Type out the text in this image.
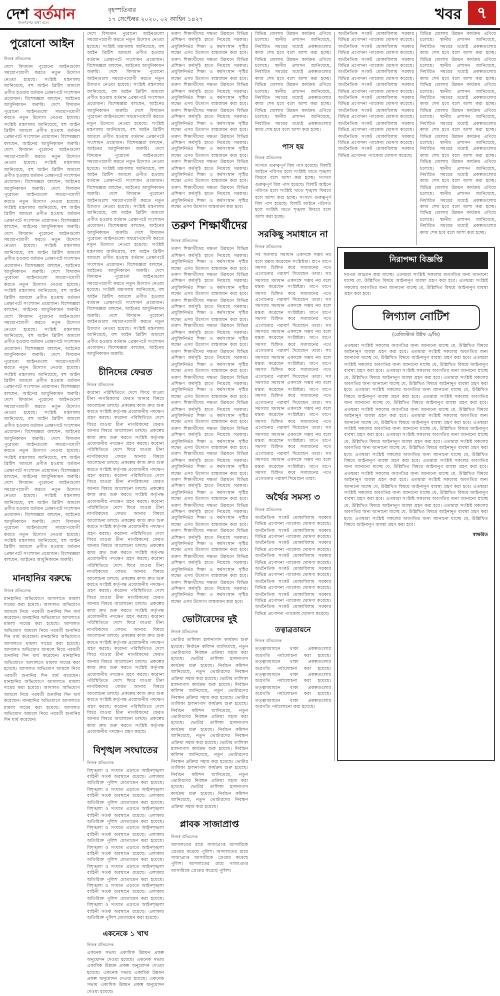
দেশ বর্তমান
জনগণের কথা বলে
বৃহস্পতিবার
১৭ সেপ্টেম্বর ২০২০, ০২ আশ্বিন ১৪২৭	খবর ৭
পুরোনো আইন
নিজস্ব প্রতিবেদক
দেশে বিদ্যমান পুরোনো আইনগুলো সময়োপযোগী করতে নতুন উদ্যোগ নেওয়া হয়েছে। সংশ্লিষ্ট মন্ত্রণালয় জানিয়েছে, বহু আইন ব্রিটিশ আমলে প্রণীত হওয়ায় বর্তমান প্রেক্ষাপটে সংশোধন প্রয়োজন। বিশেষজ্ঞরা বলছেন, আইনের আধুনিকায়ন জরুরি। দেশে বিদ্যমান পুরোনো আইনগুলো সময়োপযোগী করতে নতুন উদ্যোগ নেওয়া হয়েছে। সংশ্লিষ্ট মন্ত্রণালয় জানিয়েছে, বহু আইন ব্রিটিশ আমলে প্রণীত হওয়ায় বর্তমান প্রেক্ষাপটে সংশোধন প্রয়োজন। বিশেষজ্ঞরা বলছেন, আইনের আধুনিকায়ন জরুরি। দেশে বিদ্যমান পুরোনো আইনগুলো সময়োপযোগী করতে নতুন উদ্যোগ নেওয়া হয়েছে। সংশ্লিষ্ট মন্ত্রণালয় জানিয়েছে, বহু আইন ব্রিটিশ আমলে প্রণীত হওয়ায় বর্তমান প্রেক্ষাপটে সংশোধন প্রয়োজন। বিশেষজ্ঞরা বলছেন, আইনের আধুনিকায়ন জরুরি। দেশে বিদ্যমান পুরোনো আইনগুলো সময়োপযোগী করতে নতুন উদ্যোগ নেওয়া হয়েছে। সংশ্লিষ্ট মন্ত্রণালয় জানিয়েছে, বহু আইন ব্রিটিশ আমলে প্রণীত হওয়ায় বর্তমান প্রেক্ষাপটে সংশোধন প্রয়োজন। বিশেষজ্ঞরা বলছেন, আইনের আধুনিকায়ন জরুরি। দেশে বিদ্যমান পুরোনো আইনগুলো সময়োপযোগী করতে নতুন উদ্যোগ নেওয়া হয়েছে। সংশ্লিষ্ট মন্ত্রণালয় জানিয়েছে, বহু আইন ব্রিটিশ আমলে প্রণীত হওয়ায় বর্তমান প্রেক্ষাপটে সংশোধন প্রয়োজন। বিশেষজ্ঞরা বলছেন, আইনের আধুনিকায়ন জরুরি। দেশে বিদ্যমান পুরোনো আইনগুলো সময়োপযোগী করতে নতুন উদ্যোগ নেওয়া হয়েছে। সংশ্লিষ্ট মন্ত্রণালয় জানিয়েছে, বহু আইন ব্রিটিশ আমলে প্রণীত হওয়ায় বর্তমান প্রেক্ষাপটে সংশোধন প্রয়োজন। বিশেষজ্ঞরা বলছেন, আইনের আধুনিকায়ন জরুরি। দেশে বিদ্যমান পুরোনো আইনগুলো সময়োপযোগী করতে নতুন উদ্যোগ নেওয়া হয়েছে। সংশ্লিষ্ট মন্ত্রণালয় জানিয়েছে, বহু আইন ব্রিটিশ আমলে প্রণীত হওয়ায় বর্তমান প্রেক্ষাপটে সংশোধন প্রয়োজন। বিশেষজ্ঞরা বলছেন, আইনের আধুনিকায়ন জরুরি। দেশে বিদ্যমান পুরোনো আইনগুলো সময়োপযোগী করতে নতুন উদ্যোগ নেওয়া হয়েছে। সংশ্লিষ্ট মন্ত্রণালয় জানিয়েছে, বহু আইন ব্রিটিশ আমলে প্রণীত হওয়ায় বর্তমান প্রেক্ষাপটে সংশোধন প্রয়োজন। বিশেষজ্ঞরা বলছেন, আইনের আধুনিকায়ন জরুরি। দেশে বিদ্যমান পুরোনো আইনগুলো সময়োপযোগী করতে নতুন উদ্যোগ নেওয়া হয়েছে। সংশ্লিষ্ট মন্ত্রণালয় জানিয়েছে, বহু আইন ব্রিটিশ আমলে প্রণীত হওয়ায় বর্তমান প্রেক্ষাপটে সংশোধন প্রয়োজন। বিশেষজ্ঞরা বলছেন, আইনের আধুনিকায়ন জরুরি। দেশে বিদ্যমান পুরোনো আইনগুলো সময়োপযোগী করতে নতুন উদ্যোগ নেওয়া হয়েছে। সংশ্লিষ্ট মন্ত্রণালয় জানিয়েছে, বহু আইন ব্রিটিশ আমলে প্রণীত হওয়ায় বর্তমান প্রেক্ষাপটে সংশোধন প্রয়োজন। বিশেষজ্ঞরা বলছেন, আইনের আধুনিকায়ন জরুরি। দেশে বিদ্যমান পুরোনো আইনগুলো সময়োপযোগী করতে নতুন উদ্যোগ নেওয়া হয়েছে। সংশ্লিষ্ট মন্ত্রণালয় জানিয়েছে, বহু আইন ব্রিটিশ আমলে প্রণীত হওয়ায় বর্তমান প্রেক্ষাপটে সংশোধন প্রয়োজন। বিশেষজ্ঞরা বলছেন, আইনের আধুনিকায়ন জরুরি। দেশে বিদ্যমান পুরোনো আইনগুলো সময়োপযোগী করতে নতুন উদ্যোগ নেওয়া হয়েছে। সংশ্লিষ্ট মন্ত্রণালয় জানিয়েছে, বহু আইন ব্রিটিশ আমলে প্রণীত হওয়ায় বর্তমান প্রেক্ষাপটে সংশোধন প্রয়োজন। বিশেষজ্ঞরা বলছেন, আইনের আধুনিকায়ন জরুরি।
মানহানির বরুদ্ধে
নিজস্ব প্রতিবেদক
মানহানির অভিযোগে আদালতে মামলা দায়ের করা হয়েছে। আদালত অভিযোগ আমলে নিয়ে পরবর্তী শুনানির দিন ধার্য করেছেন। মানহানির অভিযোগে আদালতে মামলা দায়ের করা হয়েছে। আদালত অভিযোগ আমলে নিয়ে পরবর্তী শুনানির দিন ধার্য করেছেন। মানহানির অভিযোগে আদালতে মামলা দায়ের করা হয়েছে। আদালত অভিযোগ আমলে নিয়ে পরবর্তী শুনানির দিন ধার্য করেছেন। মানহানির অভিযোগে আদালতে মামলা দায়ের করা হয়েছে। আদালত অভিযোগ আমলে নিয়ে পরবর্তী শুনানির দিন ধার্য করেছেন। মানহানির অভিযোগে আদালতে মামলা দায়ের করা হয়েছে। আদালত অভিযোগ আমলে নিয়ে পরবর্তী শুনানির দিন ধার্য করেছেন। মানহানির অভিযোগে আদালতে মামলা দায়ের করা হয়েছে। আদালত অভিযোগ আমলে নিয়ে পরবর্তী শুনানির দিন ধার্য করেছেন।
দেশে বিদ্যমান পুরোনো আইনগুলো সময়োপযোগী করতে নতুন উদ্যোগ নেওয়া হয়েছে। সংশ্লিষ্ট মন্ত্রণালয় জানিয়েছে, বহু আইন ব্রিটিশ আমলে প্রণীত হওয়ায় বর্তমান প্রেক্ষাপটে সংশোধন প্রয়োজন। বিশেষজ্ঞরা বলছেন, আইনের আধুনিকায়ন জরুরি। দেশে বিদ্যমান পুরোনো আইনগুলো সময়োপযোগী করতে নতুন উদ্যোগ নেওয়া হয়েছে। সংশ্লিষ্ট মন্ত্রণালয় জানিয়েছে, বহু আইন ব্রিটিশ আমলে প্রণীত হওয়ায় বর্তমান প্রেক্ষাপটে সংশোধন প্রয়োজন। বিশেষজ্ঞরা বলছেন, আইনের আধুনিকায়ন জরুরি। দেশে বিদ্যমান পুরোনো আইনগুলো সময়োপযোগী করতে নতুন উদ্যোগ নেওয়া হয়েছে। সংশ্লিষ্ট মন্ত্রণালয় জানিয়েছে, বহু আইন ব্রিটিশ আমলে প্রণীত হওয়ায় বর্তমান প্রেক্ষাপটে সংশোধন প্রয়োজন। বিশেষজ্ঞরা বলছেন, আইনের আধুনিকায়ন জরুরি। দেশে বিদ্যমান পুরোনো আইনগুলো সময়োপযোগী করতে নতুন উদ্যোগ নেওয়া হয়েছে। সংশ্লিষ্ট মন্ত্রণালয় জানিয়েছে, বহু আইন ব্রিটিশ আমলে প্রণীত হওয়ায় বর্তমান প্রেক্ষাপটে সংশোধন প্রয়োজন। বিশেষজ্ঞরা বলছেন, আইনের আধুনিকায়ন জরুরি। দেশে বিদ্যমান পুরোনো আইনগুলো সময়োপযোগী করতে নতুন উদ্যোগ নেওয়া হয়েছে। সংশ্লিষ্ট মন্ত্রণালয় জানিয়েছে, বহু আইন ব্রিটিশ আমলে প্রণীত হওয়ায় বর্তমান প্রেক্ষাপটে সংশোধন প্রয়োজন। বিশেষজ্ঞরা বলছেন, আইনের আধুনিকায়ন জরুরি। দেশে বিদ্যমান পুরোনো আইনগুলো সময়োপযোগী করতে নতুন উদ্যোগ নেওয়া হয়েছে। সংশ্লিষ্ট মন্ত্রণালয় জানিয়েছে, বহু আইন ব্রিটিশ আমলে প্রণীত হওয়ায় বর্তমান প্রেক্ষাপটে সংশোধন প্রয়োজন। বিশেষজ্ঞরা বলছেন, আইনের আধুনিকায়ন জরুরি। দেশে বিদ্যমান পুরোনো আইনগুলো সময়োপযোগী করতে নতুন উদ্যোগ নেওয়া হয়েছে। সংশ্লিষ্ট মন্ত্রণালয় জানিয়েছে, বহু আইন ব্রিটিশ আমলে প্রণীত হওয়ায় বর্তমান প্রেক্ষাপটে সংশোধন প্রয়োজন। বিশেষজ্ঞরা বলছেন, আইনের আধুনিকায়ন জরুরি। দেশে বিদ্যমান পুরোনো আইনগুলো সময়োপযোগী করতে নতুন উদ্যোগ নেওয়া হয়েছে। সংশ্লিষ্ট মন্ত্রণালয় জানিয়েছে, বহু আইন ব্রিটিশ আমলে প্রণীত হওয়ায় বর্তমান প্রেক্ষাপটে সংশোধন প্রয়োজন। বিশেষজ্ঞরা বলছেন, আইনের আধুনিকায়ন জরুরি।
চীনিদের ফেরত
নিজস্ব প্রতিবেদক
করোনা পরিস্থিতিতে দেশে ফিরে যাওয়া চীনা নাগরিকদের ফেরত আনার বিষয়ে আলোচনা চলছে। প্রকল্পের কাজ দ্রুত শুরু করতে সংশ্লিষ্ট কর্তৃপক্ষ প্রয়োজনীয় পদক্ষেপ গ্রহণ করছে। করোনা পরিস্থিতিতে দেশে ফিরে যাওয়া চীনা নাগরিকদের ফেরত আনার বিষয়ে আলোচনা চলছে। প্রকল্পের কাজ দ্রুত শুরু করতে সংশ্লিষ্ট কর্তৃপক্ষ প্রয়োজনীয় পদক্ষেপ গ্রহণ করছে। করোনা পরিস্থিতিতে দেশে ফিরে যাওয়া চীনা নাগরিকদের ফেরত আনার বিষয়ে আলোচনা চলছে। প্রকল্পের কাজ দ্রুত শুরু করতে সংশ্লিষ্ট কর্তৃপক্ষ প্রয়োজনীয় পদক্ষেপ গ্রহণ করছে। করোনা পরিস্থিতিতে দেশে ফিরে যাওয়া চীনা নাগরিকদের ফেরত আনার বিষয়ে আলোচনা চলছে। প্রকল্পের কাজ দ্রুত শুরু করতে সংশ্লিষ্ট কর্তৃপক্ষ প্রয়োজনীয় পদক্ষেপ গ্রহণ করছে। করোনা পরিস্থিতিতে দেশে ফিরে যাওয়া চীনা নাগরিকদের ফেরত আনার বিষয়ে আলোচনা চলছে। প্রকল্পের কাজ দ্রুত শুরু করতে সংশ্লিষ্ট কর্তৃপক্ষ প্রয়োজনীয় পদক্ষেপ গ্রহণ করছে। করোনা পরিস্থিতিতে দেশে ফিরে যাওয়া চীনা নাগরিকদের ফেরত আনার বিষয়ে আলোচনা চলছে। প্রকল্পের কাজ দ্রুত শুরু করতে সংশ্লিষ্ট কর্তৃপক্ষ প্রয়োজনীয় পদক্ষেপ গ্রহণ করছে। করোনা পরিস্থিতিতে দেশে ফিরে যাওয়া চীনা নাগরিকদের ফেরত আনার বিষয়ে আলোচনা চলছে। প্রকল্পের কাজ দ্রুত শুরু করতে সংশ্লিষ্ট কর্তৃপক্ষ প্রয়োজনীয় পদক্ষেপ গ্রহণ করছে। করোনা পরিস্থিতিতে দেশে ফিরে যাওয়া চীনা নাগরিকদের ফেরত আনার বিষয়ে আলোচনা চলছে। প্রকল্পের কাজ দ্রুত শুরু করতে সংশ্লিষ্ট কর্তৃপক্ষ প্রয়োজনীয় পদক্ষেপ গ্রহণ করছে। করোনা পরিস্থিতিতে দেশে ফিরে যাওয়া চীনা নাগরিকদের ফেরত আনার বিষয়ে আলোচনা চলছে। প্রকল্পের কাজ দ্রুত শুরু করতে সংশ্লিষ্ট কর্তৃপক্ষ প্রয়োজনীয় পদক্ষেপ গ্রহণ করছে। করোনা পরিস্থিতিতে দেশে ফিরে যাওয়া চীনা নাগরিকদের ফেরত আনার বিষয়ে আলোচনা চলছে। প্রকল্পের কাজ দ্রুত শুরু করতে সংশ্লিষ্ট কর্তৃপক্ষ প্রয়োজনীয় পদক্ষেপ গ্রহণ করছে। করোনা পরিস্থিতিতে দেশে ফিরে যাওয়া চীনা নাগরিকদের ফেরত আনার বিষয়ে আলোচনা চলছে। প্রকল্পের কাজ দ্রুত শুরু করতে সংশ্লিষ্ট কর্তৃপক্ষ প্রয়োজনীয় পদক্ষেপ গ্রহণ করছে। করোনা পরিস্থিতিতে দেশে ফিরে যাওয়া চীনা নাগরিকদের ফেরত আনার বিষয়ে আলোচনা চলছে। প্রকল্পের কাজ দ্রুত শুরু করতে সংশ্লিষ্ট কর্তৃপক্ষ প্রয়োজনীয় পদক্ষেপ গ্রহণ করছে।
বিশৃঙ্খল সংঘাতের
নিজস্ব প্রতিবেদক
বিশৃঙ্খলা ও সংঘাত এড়াতে আইনশৃঙ্খলা বাহিনী সতর্ক অবস্থানে রয়েছে। এলাকায় অতিরিক্ত পুলিশ মোতায়েন করা হয়েছে। বিশৃঙ্খলা ও সংঘাত এড়াতে আইনশৃঙ্খলা বাহিনী সতর্ক অবস্থানে রয়েছে। এলাকায় অতিরিক্ত পুলিশ মোতায়েন করা হয়েছে। বিশৃঙ্খলা ও সংঘাত এড়াতে আইনশৃঙ্খলা বাহিনী সতর্ক অবস্থানে রয়েছে। এলাকায় অতিরিক্ত পুলিশ মোতায়েন করা হয়েছে। বিশৃঙ্খলা ও সংঘাত এড়াতে আইনশৃঙ্খলা বাহিনী সতর্ক অবস্থানে রয়েছে। এলাকায় অতিরিক্ত পুলিশ মোতায়েন করা হয়েছে। বিশৃঙ্খলা ও সংঘাত এড়াতে আইনশৃঙ্খলা বাহিনী সতর্ক অবস্থানে রয়েছে। এলাকায় অতিরিক্ত পুলিশ মোতায়েন করা হয়েছে। বিশৃঙ্খলা ও সংঘাত এড়াতে আইনশৃঙ্খলা বাহিনী সতর্ক অবস্থানে রয়েছে। এলাকায় অতিরিক্ত পুলিশ মোতায়েন করা হয়েছে। বিশৃঙ্খলা ও সংঘাত এড়াতে আইনশৃঙ্খলা বাহিনী সতর্ক অবস্থানে রয়েছে। এলাকায় অতিরিক্ত পুলিশ মোতায়েন করা হয়েছে। বিশৃঙ্খলা ও সংঘাত এড়াতে আইনশৃঙ্খলা বাহিনী সতর্ক অবস্থানে রয়েছে। এলাকায় অতিরিক্ত পুলিশ মোতায়েন করা হয়েছে।
একনেকে ১ খাখ
নিজস্ব প্রতিবেদক
একনেক সভায় একাধিক উন্নয়ন প্রকল্প অনুমোদন দেওয়া হয়েছে। একনেক সভায় একাধিক উন্নয়ন প্রকল্প অনুমোদন দেওয়া হয়েছে। একনেক সভায় একাধিক উন্নয়ন প্রকল্প অনুমোদন দেওয়া হয়েছে। একনেক সভায় একাধিক উন্নয়ন প্রকল্প অনুমোদন দেওয়া হয়েছে।
তরুণ শিক্ষার্থীদের দক্ষতা উন্নয়নে বিভিন্ন প্রশিক্ষণ কর্মসূচি হাতে নিয়েছে সরকার। প্রযুক্তিনির্ভর শিক্ষা ও কর্মসংস্থান সৃষ্টির লক্ষ্যে এসব উদ্যোগ বাস্তবায়ন করা হবে। তরুণ শিক্ষার্থীদের দক্ষতা উন্নয়নে বিভিন্ন প্রশিক্ষণ কর্মসূচি হাতে নিয়েছে সরকার। প্রযুক্তিনির্ভর শিক্ষা ও কর্মসংস্থান সৃষ্টির লক্ষ্যে এসব উদ্যোগ বাস্তবায়ন করা হবে। তরুণ শিক্ষার্থীদের দক্ষতা উন্নয়নে বিভিন্ন প্রশিক্ষণ কর্মসূচি হাতে নিয়েছে সরকার। প্রযুক্তিনির্ভর শিক্ষা ও কর্মসংস্থান সৃষ্টির লক্ষ্যে এসব উদ্যোগ বাস্তবায়ন করা হবে। তরুণ শিক্ষার্থীদের দক্ষতা উন্নয়নে বিভিন্ন প্রশিক্ষণ কর্মসূচি হাতে নিয়েছে সরকার। প্রযুক্তিনির্ভর শিক্ষা ও কর্মসংস্থান সৃষ্টির লক্ষ্যে এসব উদ্যোগ বাস্তবায়ন করা হবে। তরুণ শিক্ষার্থীদের দক্ষতা উন্নয়নে বিভিন্ন প্রশিক্ষণ কর্মসূচি হাতে নিয়েছে সরকার। প্রযুক্তিনির্ভর শিক্ষা ও কর্মসংস্থান সৃষ্টির লক্ষ্যে এসব উদ্যোগ বাস্তবায়ন করা হবে। তরুণ শিক্ষার্থীদের দক্ষতা উন্নয়নে বিভিন্ন প্রশিক্ষণ কর্মসূচি হাতে নিয়েছে সরকার। প্রযুক্তিনির্ভর শিক্ষা ও কর্মসংস্থান সৃষ্টির লক্ষ্যে এসব উদ্যোগ বাস্তবায়ন করা হবে। তরুণ শিক্ষার্থীদের দক্ষতা উন্নয়নে বিভিন্ন প্রশিক্ষণ কর্মসূচি হাতে নিয়েছে সরকার। প্রযুক্তিনির্ভর শিক্ষা ও কর্মসংস্থান সৃষ্টির লক্ষ্যে এসব উদ্যোগ বাস্তবায়ন করা হবে।
তরুণ শিক্ষার্থীদের
নিজস্ব প্রতিবেদক
তরুণ শিক্ষার্থীদের দক্ষতা উন্নয়নে বিভিন্ন প্রশিক্ষণ কর্মসূচি হাতে নিয়েছে সরকার। প্রযুক্তিনির্ভর শিক্ষা ও কর্মসংস্থান সৃষ্টির লক্ষ্যে এসব উদ্যোগ বাস্তবায়ন করা হবে। তরুণ শিক্ষার্থীদের দক্ষতা উন্নয়নে বিভিন্ন প্রশিক্ষণ কর্মসূচি হাতে নিয়েছে সরকার। প্রযুক্তিনির্ভর শিক্ষা ও কর্মসংস্থান সৃষ্টির লক্ষ্যে এসব উদ্যোগ বাস্তবায়ন করা হবে। তরুণ শিক্ষার্থীদের দক্ষতা উন্নয়নে বিভিন্ন প্রশিক্ষণ কর্মসূচি হাতে নিয়েছে সরকার। প্রযুক্তিনির্ভর শিক্ষা ও কর্মসংস্থান সৃষ্টির লক্ষ্যে এসব উদ্যোগ বাস্তবায়ন করা হবে। তরুণ শিক্ষার্থীদের দক্ষতা উন্নয়নে বিভিন্ন প্রশিক্ষণ কর্মসূচি হাতে নিয়েছে সরকার। প্রযুক্তিনির্ভর শিক্ষা ও কর্মসংস্থান সৃষ্টির লক্ষ্যে এসব উদ্যোগ বাস্তবায়ন করা হবে। তরুণ শিক্ষার্থীদের দক্ষতা উন্নয়নে বিভিন্ন প্রশিক্ষণ কর্মসূচি হাতে নিয়েছে সরকার। প্রযুক্তিনির্ভর শিক্ষা ও কর্মসংস্থান সৃষ্টির লক্ষ্যে এসব উদ্যোগ বাস্তবায়ন করা হবে। তরুণ শিক্ষার্থীদের দক্ষতা উন্নয়নে বিভিন্ন প্রশিক্ষণ কর্মসূচি হাতে নিয়েছে সরকার। প্রযুক্তিনির্ভর শিক্ষা ও কর্মসংস্থান সৃষ্টির লক্ষ্যে এসব উদ্যোগ বাস্তবায়ন করা হবে। তরুণ শিক্ষার্থীদের দক্ষতা উন্নয়নে বিভিন্ন প্রশিক্ষণ কর্মসূচি হাতে নিয়েছে সরকার। প্রযুক্তিনির্ভর শিক্ষা ও কর্মসংস্থান সৃষ্টির লক্ষ্যে এসব উদ্যোগ বাস্তবায়ন করা হবে। তরুণ শিক্ষার্থীদের দক্ষতা উন্নয়নে বিভিন্ন প্রশিক্ষণ কর্মসূচি হাতে নিয়েছে সরকার। প্রযুক্তিনির্ভর শিক্ষা ও কর্মসংস্থান সৃষ্টির লক্ষ্যে এসব উদ্যোগ বাস্তবায়ন করা হবে। তরুণ শিক্ষার্থীদের দক্ষতা উন্নয়নে বিভিন্ন প্রশিক্ষণ কর্মসূচি হাতে নিয়েছে সরকার। প্রযুক্তিনির্ভর শিক্ষা ও কর্মসংস্থান সৃষ্টির লক্ষ্যে এসব উদ্যোগ বাস্তবায়ন করা হবে। তরুণ শিক্ষার্থীদের দক্ষতা উন্নয়নে বিভিন্ন প্রশিক্ষণ কর্মসূচি হাতে নিয়েছে সরকার। প্রযুক্তিনির্ভর শিক্ষা ও কর্মসংস্থান সৃষ্টির লক্ষ্যে এসব উদ্যোগ বাস্তবায়ন করা হবে। তরুণ শিক্ষার্থীদের দক্ষতা উন্নয়নে বিভিন্ন প্রশিক্ষণ কর্মসূচি হাতে নিয়েছে সরকার। প্রযুক্তিনির্ভর শিক্ষা ও কর্মসংস্থান সৃষ্টির লক্ষ্যে এসব উদ্যোগ বাস্তবায়ন করা হবে। তরুণ শিক্ষার্থীদের দক্ষতা উন্নয়নে বিভিন্ন প্রশিক্ষণ কর্মসূচি হাতে নিয়েছে সরকার। প্রযুক্তিনির্ভর শিক্ষা ও কর্মসংস্থান সৃষ্টির লক্ষ্যে এসব উদ্যোগ বাস্তবায়ন করা হবে। তরুণ শিক্ষার্থীদের দক্ষতা উন্নয়নে বিভিন্ন প্রশিক্ষণ কর্মসূচি হাতে নিয়েছে সরকার। প্রযুক্তিনির্ভর শিক্ষা ও কর্মসংস্থান সৃষ্টির লক্ষ্যে এসব উদ্যোগ বাস্তবায়ন করা হবে। তরুণ শিক্ষার্থীদের দক্ষতা উন্নয়নে বিভিন্ন প্রশিক্ষণ কর্মসূচি হাতে নিয়েছে সরকার। প্রযুক্তিনির্ভর শিক্ষা ও কর্মসংস্থান সৃষ্টির লক্ষ্যে এসব উদ্যোগ বাস্তবায়ন করা হবে।
ভোটারেদের দুই
নিজস্ব প্রতিবেদক
ভোটার তালিকা হালনাগাদ কার্যক্রম শুরু হয়েছে। নির্বাচন কমিশন জানিয়েছে, নতুন ভোটারদের নিবন্ধন প্রক্রিয়া সহজ করা হয়েছে। ভোটার তালিকা হালনাগাদ কার্যক্রম শুরু হয়েছে। নির্বাচন কমিশন জানিয়েছে, নতুন ভোটারদের নিবন্ধন প্রক্রিয়া সহজ করা হয়েছে। ভোটার তালিকা হালনাগাদ কার্যক্রম শুরু হয়েছে। নির্বাচন কমিশন জানিয়েছে, নতুন ভোটারদের নিবন্ধন প্রক্রিয়া সহজ করা হয়েছে। ভোটার তালিকা হালনাগাদ কার্যক্রম শুরু হয়েছে। নির্বাচন কমিশন জানিয়েছে, নতুন ভোটারদের নিবন্ধন প্রক্রিয়া সহজ করা হয়েছে। ভোটার তালিকা হালনাগাদ কার্যক্রম শুরু হয়েছে। নির্বাচন কমিশন জানিয়েছে, নতুন ভোটারদের নিবন্ধন প্রক্রিয়া সহজ করা হয়েছে। ভোটার তালিকা হালনাগাদ কার্যক্রম শুরু হয়েছে। নির্বাচন কমিশন জানিয়েছে, নতুন ভোটারদের নিবন্ধন প্রক্রিয়া সহজ করা হয়েছে। ভোটার তালিকা হালনাগাদ কার্যক্রম শুরু হয়েছে। নির্বাচন কমিশন জানিয়েছে, নতুন ভোটারদের নিবন্ধন প্রক্রিয়া সহজ করা হয়েছে। ভোটার তালিকা হালনাগাদ কার্যক্রম শুরু হয়েছে। নির্বাচন কমিশন জানিয়েছে, নতুন ভোটারদের নিবন্ধন প্রক্রিয়া সহজ করা হয়েছে।
প্লাবক সাজাপ্রাপ্ত
নিজস্ব প্রতিবেদক
আদালতের রায়ে সাজাপ্রাপ্ত আসামিকে গ্রেপ্তার করেছে পুলিশ। আদালতের রায়ে সাজাপ্রাপ্ত আসামিকে গ্রেপ্তার করেছে পুলিশ। আদালতের রায়ে সাজাপ্রাপ্ত আসামিকে গ্রেপ্তার করেছে পুলিশ।
বিভিন্ন জেলায় উন্নয়ন কার্যক্রম এগিয়ে চলেছে। স্থানীয় প্রশাসন জানিয়েছে, নির্ধারিত সময়ের মধ্যেই প্রকল্পগুলোর কাজ শেষ হবে বলে আশা করা হচ্ছে। বিভিন্ন জেলায় উন্নয়ন কার্যক্রম এগিয়ে চলেছে। স্থানীয় প্রশাসন জানিয়েছে, নির্ধারিত সময়ের মধ্যেই প্রকল্পগুলোর কাজ শেষ হবে বলে আশা করা হচ্ছে। বিভিন্ন জেলায় উন্নয়ন কার্যক্রম এগিয়ে চলেছে। স্থানীয় প্রশাসন জানিয়েছে, নির্ধারিত সময়ের মধ্যেই প্রকল্পগুলোর কাজ শেষ হবে বলে আশা করা হচ্ছে। বিভিন্ন জেলায় উন্নয়ন কার্যক্রম এগিয়ে চলেছে। স্থানীয় প্রশাসন জানিয়েছে, নির্ধারিত সময়ের মধ্যেই প্রকল্পগুলোর কাজ শেষ হবে বলে আশা করা হচ্ছে।
পাস হয়
নিজস্ব প্রতিবেদক
সংসদে গুরুত্বপূর্ণ বিল পাস হয়েছে। বিলটি আইনে পরিণত হলে সংশ্লিষ্ট খাতে শৃঙ্খলা ফিরবে বলে আশা করা হচ্ছে। সংসদে গুরুত্বপূর্ণ বিল পাস হয়েছে। বিলটি আইনে পরিণত হলে সংশ্লিষ্ট খাতে শৃঙ্খলা ফিরবে বলে আশা করা হচ্ছে। সংসদে গুরুত্বপূর্ণ বিল পাস হয়েছে। বিলটি আইনে পরিণত হলে সংশ্লিষ্ট খাতে শৃঙ্খলা ফিরবে বলে আশা করা হচ্ছে।
সরকিছু সমাধানে না
নিজস্ব প্রতিবেদক
সব সমস্যার সমাধান একসঙ্গে সম্ভব নয় বলে মন্তব্য করেছেন সংশ্লিষ্টরা। ধাপে ধাপে সমস্যা চিহ্নিত করে সমাধানের পথে এগোনোর পরামর্শ দিয়েছেন তারা। সব সমস্যার সমাধান একসঙ্গে সম্ভব নয় বলে মন্তব্য করেছেন সংশ্লিষ্টরা। ধাপে ধাপে সমস্যা চিহ্নিত করে সমাধানের পথে এগোনোর পরামর্শ দিয়েছেন তারা। সব সমস্যার সমাধান একসঙ্গে সম্ভব নয় বলে মন্তব্য করেছেন সংশ্লিষ্টরা। ধাপে ধাপে সমস্যা চিহ্নিত করে সমাধানের পথে এগোনোর পরামর্শ দিয়েছেন তারা। সব সমস্যার সমাধান একসঙ্গে সম্ভব নয় বলে মন্তব্য করেছেন সংশ্লিষ্টরা। ধাপে ধাপে সমস্যা চিহ্নিত করে সমাধানের পথে এগোনোর পরামর্শ দিয়েছেন তারা। সব সমস্যার সমাধান একসঙ্গে সম্ভব নয় বলে মন্তব্য করেছেন সংশ্লিষ্টরা। ধাপে ধাপে সমস্যা চিহ্নিত করে সমাধানের পথে এগোনোর পরামর্শ দিয়েছেন তারা। সব সমস্যার সমাধান একসঙ্গে সম্ভব নয় বলে মন্তব্য করেছেন সংশ্লিষ্টরা। ধাপে ধাপে সমস্যা চিহ্নিত করে সমাধানের পথে এগোনোর পরামর্শ দিয়েছেন তারা। সব সমস্যার সমাধান একসঙ্গে সম্ভব নয় বলে মন্তব্য করেছেন সংশ্লিষ্টরা। ধাপে ধাপে সমস্যা চিহ্নিত করে সমাধানের পথে এগোনোর পরামর্শ দিয়েছেন তারা। সব সমস্যার সমাধান একসঙ্গে সম্ভব নয় বলে মন্তব্য করেছেন সংশ্লিষ্টরা। ধাপে ধাপে সমস্যা চিহ্নিত করে সমাধানের পথে এগোনোর পরামর্শ দিয়েছেন তারা। সব সমস্যার সমাধান একসঙ্গে সম্ভব নয় বলে মন্তব্য করেছেন সংশ্লিষ্টরা। ধাপে ধাপে সমস্যা চিহ্নিত করে সমাধানের পথে এগোনোর পরামর্শ দিয়েছেন তারা।
অর্থৈর সমস্য ৩
নিজস্ব প্রতিবেদক
অর্থনৈতিক সংকট মোকাবিলায় সরকার বিভিন্ন প্রণোদনা প্যাকেজ ঘোষণা করেছে। অর্থনৈতিক সংকট মোকাবিলায় সরকার বিভিন্ন প্রণোদনা প্যাকেজ ঘোষণা করেছে। অর্থনৈতিক সংকট মোকাবিলায় সরকার বিভিন্ন প্রণোদনা প্যাকেজ ঘোষণা করেছে। অর্থনৈতিক সংকট মোকাবিলায় সরকার বিভিন্ন প্রণোদনা প্যাকেজ ঘোষণা করেছে। অর্থনৈতিক সংকট মোকাবিলায় সরকার বিভিন্ন প্রণোদনা প্যাকেজ ঘোষণা করেছে। অর্থনৈতিক সংকট মোকাবিলায় সরকার বিভিন্ন প্রণোদনা প্যাকেজ ঘোষণা করেছে। অর্থনৈতিক সংকট মোকাবিলায় সরকার বিভিন্ন প্রণোদনা প্যাকেজ ঘোষণা করেছে। অর্থনৈতিক সংকট মোকাবিলায় সরকার বিভিন্ন প্রণোদনা প্যাকেজ ঘোষণা করেছে।
তত্বাব্রতায়নে
নিজস্ব প্রতিবেদক
তত্ত্বাবধায়নে থাকা প্রকল্পগুলোর অগ্রগতি পর্যালোচনা করা হয়েছে। তত্ত্বাবধায়নে থাকা প্রকল্পগুলোর অগ্রগতি পর্যালোচনা করা হয়েছে। তত্ত্বাবধায়নে থাকা প্রকল্পগুলোর অগ্রগতি পর্যালোচনা করা হয়েছে। তত্ত্বাবধায়নে থাকা প্রকল্পগুলোর অগ্রগতি পর্যালোচনা করা হয়েছে। তত্ত্বাবধায়নে থাকা প্রকল্পগুলোর অগ্রগতি পর্যালোচনা করা হয়েছে।
অর্থনৈতিক সংকট মোকাবিলায় সরকার বিভিন্ন প্রণোদনা প্যাকেজ ঘোষণা করেছে। অর্থনৈতিক সংকট মোকাবিলায় সরকার বিভিন্ন প্রণোদনা প্যাকেজ ঘোষণা করেছে। অর্থনৈতিক সংকট মোকাবিলায় সরকার বিভিন্ন প্রণোদনা প্যাকেজ ঘোষণা করেছে। অর্থনৈতিক সংকট মোকাবিলায় সরকার বিভিন্ন প্রণোদনা প্যাকেজ ঘোষণা করেছে। অর্থনৈতিক সংকট মোকাবিলায় সরকার বিভিন্ন প্রণোদনা প্যাকেজ ঘোষণা করেছে। অর্থনৈতিক সংকট মোকাবিলায় সরকার বিভিন্ন প্রণোদনা প্যাকেজ ঘোষণা করেছে। অর্থনৈতিক সংকট মোকাবিলায় সরকার বিভিন্ন প্রণোদনা প্যাকেজ ঘোষণা করেছে। অর্থনৈতিক সংকট মোকাবিলায় সরকার বিভিন্ন প্রণোদনা প্যাকেজ ঘোষণা করেছে। অর্থনৈতিক সংকট মোকাবিলায় সরকার বিভিন্ন প্রণোদনা প্যাকেজ ঘোষণা করেছে। অর্থনৈতিক সংকট মোকাবিলায় সরকার বিভিন্ন প্রণোদনা প্যাকেজ ঘোষণা করেছে।
বিভিন্ন জেলায় উন্নয়ন কার্যক্রম এগিয়ে চলেছে। স্থানীয় প্রশাসন জানিয়েছে, নির্ধারিত সময়ের মধ্যেই প্রকল্পগুলোর কাজ শেষ হবে বলে আশা করা হচ্ছে। বিভিন্ন জেলায় উন্নয়ন কার্যক্রম এগিয়ে চলেছে। স্থানীয় প্রশাসন জানিয়েছে, নির্ধারিত সময়ের মধ্যেই প্রকল্পগুলোর কাজ শেষ হবে বলে আশা করা হচ্ছে। বিভিন্ন জেলায় উন্নয়ন কার্যক্রম এগিয়ে চলেছে। স্থানীয় প্রশাসন জানিয়েছে, নির্ধারিত সময়ের মধ্যেই প্রকল্পগুলোর কাজ শেষ হবে বলে আশা করা হচ্ছে। বিভিন্ন জেলায় উন্নয়ন কার্যক্রম এগিয়ে চলেছে। স্থানীয় প্রশাসন জানিয়েছে, নির্ধারিত সময়ের মধ্যেই প্রকল্পগুলোর কাজ শেষ হবে বলে আশা করা হচ্ছে। বিভিন্ন জেলায় উন্নয়ন কার্যক্রম এগিয়ে চলেছে। স্থানীয় প্রশাসন জানিয়েছে, নির্ধারিত সময়ের মধ্যেই প্রকল্পগুলোর কাজ শেষ হবে বলে আশা করা হচ্ছে। বিভিন্ন জেলায় উন্নয়ন কার্যক্রম এগিয়ে চলেছে। স্থানীয় প্রশাসন জানিয়েছে, নির্ধারিত সময়ের মধ্যেই প্রকল্পগুলোর কাজ শেষ হবে বলে আশা করা হচ্ছে। বিভিন্ন জেলায় উন্নয়ন কার্যক্রম এগিয়ে চলেছে। স্থানীয় প্রশাসন জানিয়েছে, নির্ধারিত সময়ের মধ্যেই প্রকল্পগুলোর কাজ শেষ হবে বলে আশা করা হচ্ছে। বিভিন্ন জেলায় উন্নয়ন কার্যক্রম এগিয়ে চলেছে। স্থানীয় প্রশাসন জানিয়েছে, নির্ধারিত সময়ের মধ্যেই প্রকল্পগুলোর কাজ শেষ হবে বলে আশা করা হচ্ছে।
নিরাপদ্দা বিজ্ঞপ্তি
দরপত্র আহ্বান করা যাচ্ছে। এতদ্বারা সংশ্লিষ্ট সকলের অবগতির জন্য জানানো যাচ্ছে যে, উল্লিখিত বিষয়ে আইনানুগ ব্যবস্থা গ্রহণ করা হবে। এতদ্বারা সংশ্লিষ্ট সকলের অবগতির জন্য জানানো যাচ্ছে যে, উল্লিখিত বিষয়ে আইনানুগ ব্যবস্থা গ্রহণ করা হবে।
লিগ্যাল নোটিশ
(রেজিস্টার্ড উইথ এ/ডি)
এতদ্বারা সংশ্লিষ্ট সকলের অবগতির জন্য জানানো যাচ্ছে যে, উল্লিখিত বিষয়ে আইনানুগ ব্যবস্থা গ্রহণ করা হবে। এতদ্বারা সংশ্লিষ্ট সকলের অবগতির জন্য জানানো যাচ্ছে যে, উল্লিখিত বিষয়ে আইনানুগ ব্যবস্থা গ্রহণ করা হবে। এতদ্বারা সংশ্লিষ্ট সকলের অবগতির জন্য জানানো যাচ্ছে যে, উল্লিখিত বিষয়ে আইনানুগ ব্যবস্থা গ্রহণ করা হবে। এতদ্বারা সংশ্লিষ্ট সকলের অবগতির জন্য জানানো যাচ্ছে যে, উল্লিখিত বিষয়ে আইনানুগ ব্যবস্থা গ্রহণ করা হবে। এতদ্বারা সংশ্লিষ্ট সকলের অবগতির জন্য জানানো যাচ্ছে যে, উল্লিখিত বিষয়ে আইনানুগ ব্যবস্থা গ্রহণ করা হবে। এতদ্বারা সংশ্লিষ্ট সকলের অবগতির জন্য জানানো যাচ্ছে যে, উল্লিখিত বিষয়ে আইনানুগ ব্যবস্থা গ্রহণ করা হবে। এতদ্বারা সংশ্লিষ্ট সকলের অবগতির জন্য জানানো যাচ্ছে যে, উল্লিখিত বিষয়ে আইনানুগ ব্যবস্থা গ্রহণ করা হবে। এতদ্বারা সংশ্লিষ্ট সকলের অবগতির জন্য জানানো যাচ্ছে যে, উল্লিখিত বিষয়ে আইনানুগ ব্যবস্থা গ্রহণ করা হবে। এতদ্বারা সংশ্লিষ্ট সকলের অবগতির জন্য জানানো যাচ্ছে যে, উল্লিখিত বিষয়ে আইনানুগ ব্যবস্থা গ্রহণ করা হবে। এতদ্বারা সংশ্লিষ্ট সকলের অবগতির জন্য জানানো যাচ্ছে যে, উল্লিখিত বিষয়ে আইনানুগ ব্যবস্থা গ্রহণ করা হবে। এতদ্বারা সংশ্লিষ্ট সকলের অবগতির জন্য জানানো যাচ্ছে যে, উল্লিখিত বিষয়ে আইনানুগ ব্যবস্থা গ্রহণ করা হবে। এতদ্বারা সংশ্লিষ্ট সকলের অবগতির জন্য জানানো যাচ্ছে যে, উল্লিখিত বিষয়ে আইনানুগ ব্যবস্থা গ্রহণ করা হবে। এতদ্বারা সংশ্লিষ্ট সকলের অবগতির জন্য জানানো যাচ্ছে যে, উল্লিখিত বিষয়ে আইনানুগ ব্যবস্থা গ্রহণ করা হবে। এতদ্বারা সংশ্লিষ্ট সকলের অবগতির জন্য জানানো যাচ্ছে যে, উল্লিখিত বিষয়ে আইনানুগ ব্যবস্থা গ্রহণ করা হবে। এতদ্বারা সংশ্লিষ্ট সকলের অবগতির জন্য জানানো যাচ্ছে যে, উল্লিখিত বিষয়ে আইনানুগ ব্যবস্থা গ্রহণ করা হবে। এতদ্বারা সংশ্লিষ্ট সকলের অবগতির জন্য জানানো যাচ্ছে যে, উল্লিখিত বিষয়ে আইনানুগ ব্যবস্থা গ্রহণ করা হবে। এতদ্বারা সংশ্লিষ্ট সকলের অবগতির জন্য জানানো যাচ্ছে যে, উল্লিখিত বিষয়ে আইনানুগ ব্যবস্থা গ্রহণ করা হবে। এতদ্বারা সংশ্লিষ্ট সকলের অবগতির জন্য জানানো যাচ্ছে যে, উল্লিখিত বিষয়ে আইনানুগ ব্যবস্থা গ্রহণ করা হবে। এতদ্বারা সংশ্লিষ্ট সকলের অবগতির জন্য জানানো যাচ্ছে যে, উল্লিখিত বিষয়ে আইনানুগ ব্যবস্থা গ্রহণ করা হবে। এতদ্বারা সংশ্লিষ্ট সকলের অবগতির জন্য জানানো যাচ্ছে যে, উল্লিখিত বিষয়ে আইনানুগ ব্যবস্থা গ্রহণ করা হবে।
স্বাক্ষরিত
